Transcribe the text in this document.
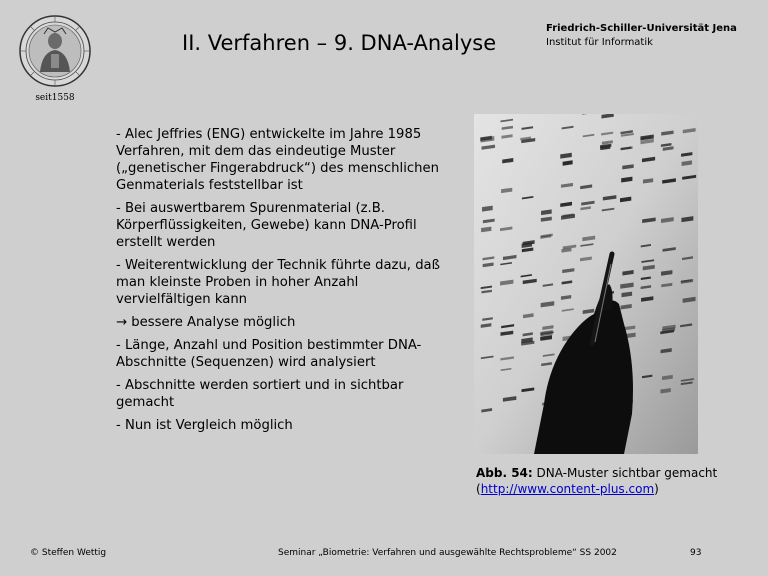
seit1558
II. Verfahren – 9. DNA-Analyse
Friedrich-Schiller-Universität Jena
Institut für Informatik

- Alec Jeffries (ENG) entwickelte im Jahre 1985 Verfahren, mit dem das eindeutige Muster („genetischer Fingerabdruck“) des menschlichen Genmaterials feststellbar ist

- Bei auswertbarem Spurenmaterial (z.B. Körperflüssigkeiten, Gewebe) kann DNA-Profil erstellt werden

- Weiterentwicklung der Technik führte dazu, daß man kleinste Proben in hoher Anzahl vervielfältigen kann

→ bessere Analyse möglich

- Länge, Anzahl und Position bestimmter DNA-Abschnitte (Sequenzen) wird analysiert

- Abschnitte werden sortiert und in sichtbar gemacht

- Nun ist Vergleich möglich

Abb. 54: DNA-Muster sichtbar gemacht
(http://www.content-plus.com)
© Steffen Wettig	Seminar „Biometrie: Verfahren und ausgewählte Rechtsprobleme“ SS 2002	93
